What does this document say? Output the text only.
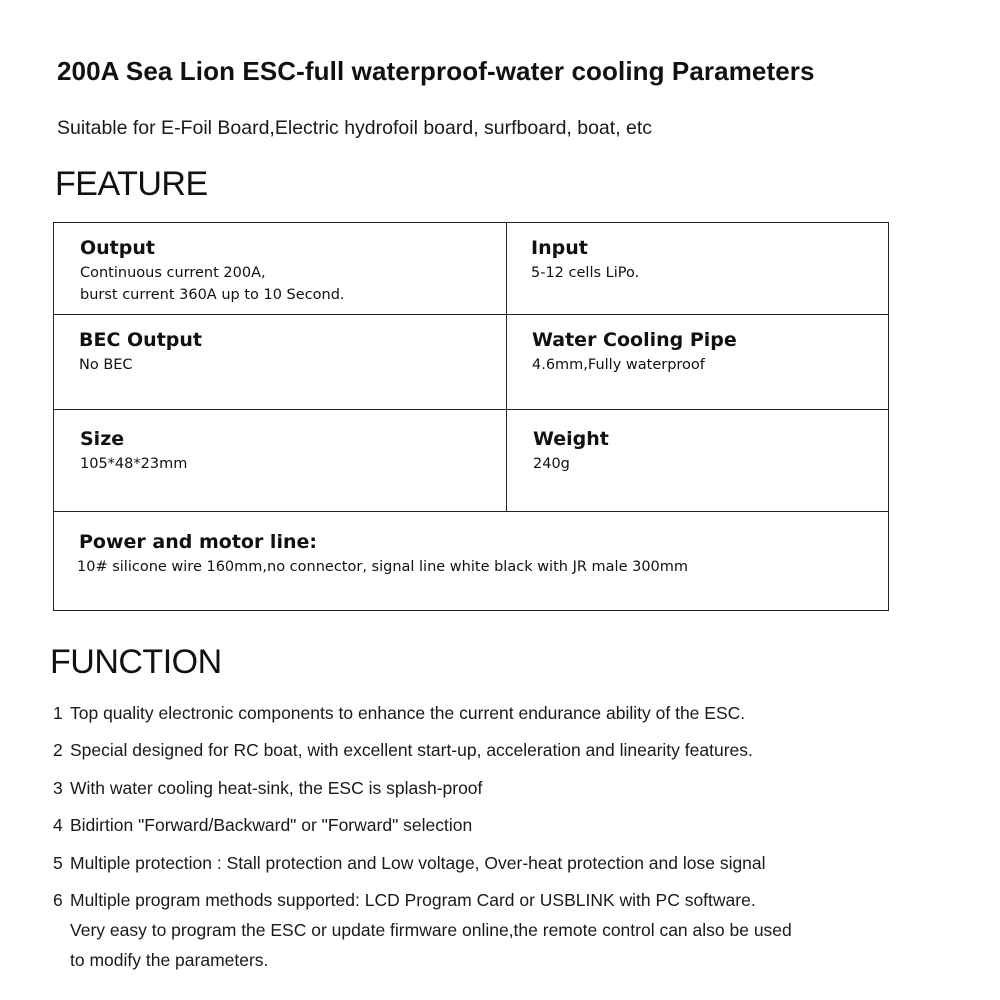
200A Sea Lion ESC-full waterproof-water cooling Parameters
Suitable for E-Foil Board,Electric hydrofoil board, surfboard, boat, etc
FEATURE
Output
Continuous current 200A,
burst current 360A up to 10 Second.
Input
5-12 cells LiPo.
BEC Output
No BEC
Water Cooling Pipe
4.6mm,Fully waterproof
Size
105*48*23mm
Weight
240g
Power and motor line:
10# silicone wire 160mm,no connector, signal line white black with JR male 300mm
FUNCTION
1 Top quality electronic components to enhance the current endurance ability of the ESC.
2 Special designed for RC boat, with excellent start-up, acceleration and linearity features.
3 With water cooling heat-sink, the ESC is splash-proof
4 Bidirtion "Forward/Backward" or "Forward" selection
5 Multiple protection : Stall protection and Low voltage, Over-heat protection and lose signal
6 Multiple program methods supported: LCD Program Card or USBLINK with PC software.
Very easy to program the ESC or update firmware online,the remote control can also be used
to modify the parameters.
